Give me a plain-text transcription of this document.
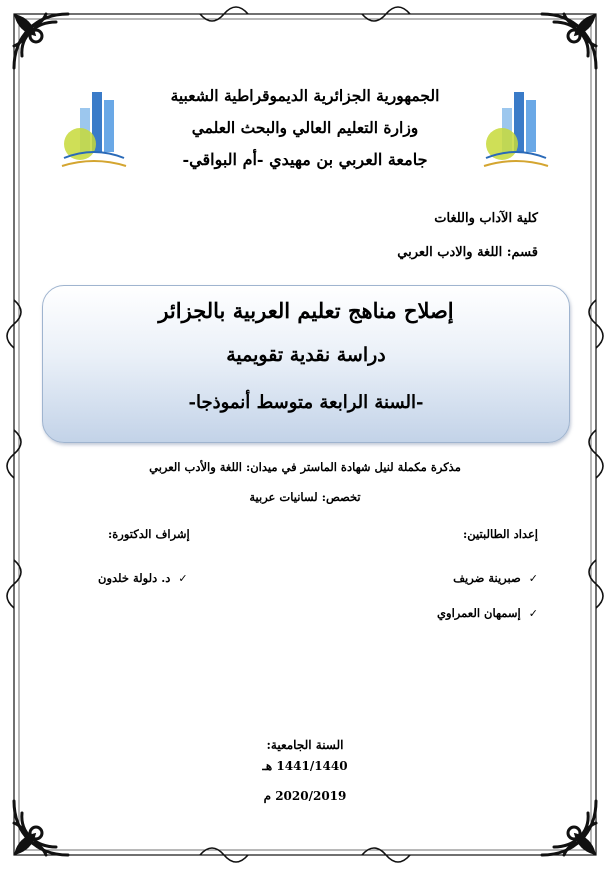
الجمهورية الجزائرية الديموقراطية الشعبية
وزارة التعليم العالي والبحث العلمي
جامعة العربي بن مهيدي -أم البواقي-
كلية الآداب واللغات
قسم: اللغة والادب العربي
إصلاح مناهج تعليم العربية بالجزائر
دراسة نقدية تقويمية
-السنة الرابعة متوسط أنموذجا-
مذكرة مكملة لنيل شهادة الماستر في ميدان: اللغة والأدب العربي
تخصص: لسانيات عربية
إعداد الطالبتين:
إشراف الدكتورة:
✓ صبرينة ضريف
✓ إسمهان العمراوي
✓ د. دلولة خلدون
السنة الجامعية:
1441/1440 هـ
2020/2019 م
